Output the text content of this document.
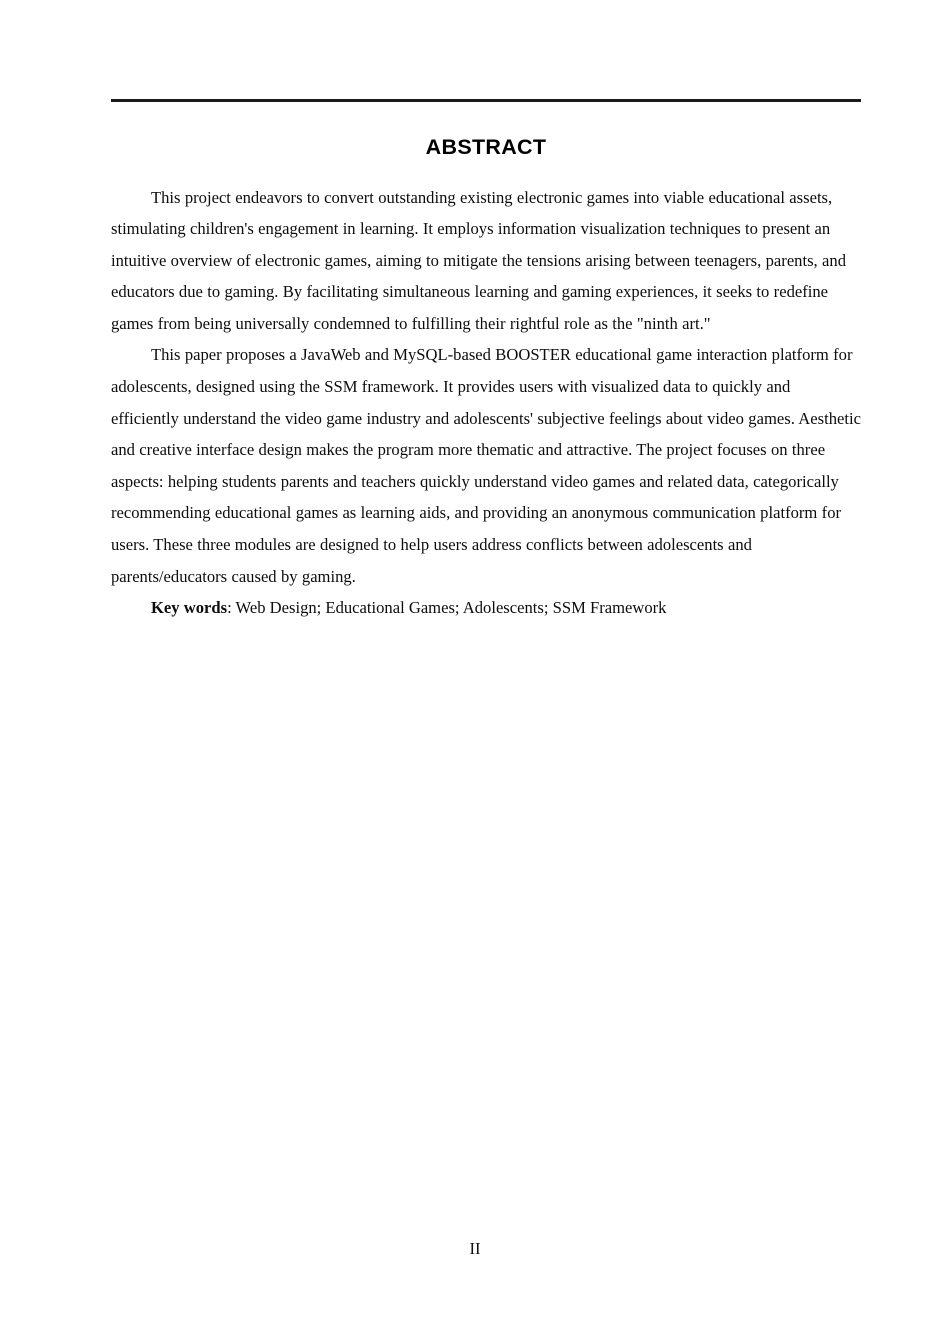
ABSTRACT

This project endeavors to convert outstanding existing electronic games into viable educational assets, stimulating children's engagement in learning. It employs information visualization techniques to present an intuitive overview of electronic games, aiming to mitigate the tensions arising between teenagers, parents, and educators due to gaming. By facilitating simultaneous learning and gaming experiences, it seeks to redefine games from being universally condemned to fulfilling their rightful role as the "ninth art."

This paper proposes a JavaWeb and MySQL-based BOOSTER educational game interaction platform for adolescents, designed using the SSM framework. It provides users with visualized data to quickly and efficiently understand the video game industry and adolescents' subjective feelings about video games. Aesthetic and creative interface design makes the program more thematic and attractive. The project focuses on three aspects: helping students parents and teachers quickly understand video games and related data, categorically recommending educational games as learning aids, and providing an anonymous communication platform for users. These three modules are designed to help users address conflicts between adolescents and parents/educators caused by gaming.

Key words: Web Design; Educational Games; Adolescents; SSM Framework

II
